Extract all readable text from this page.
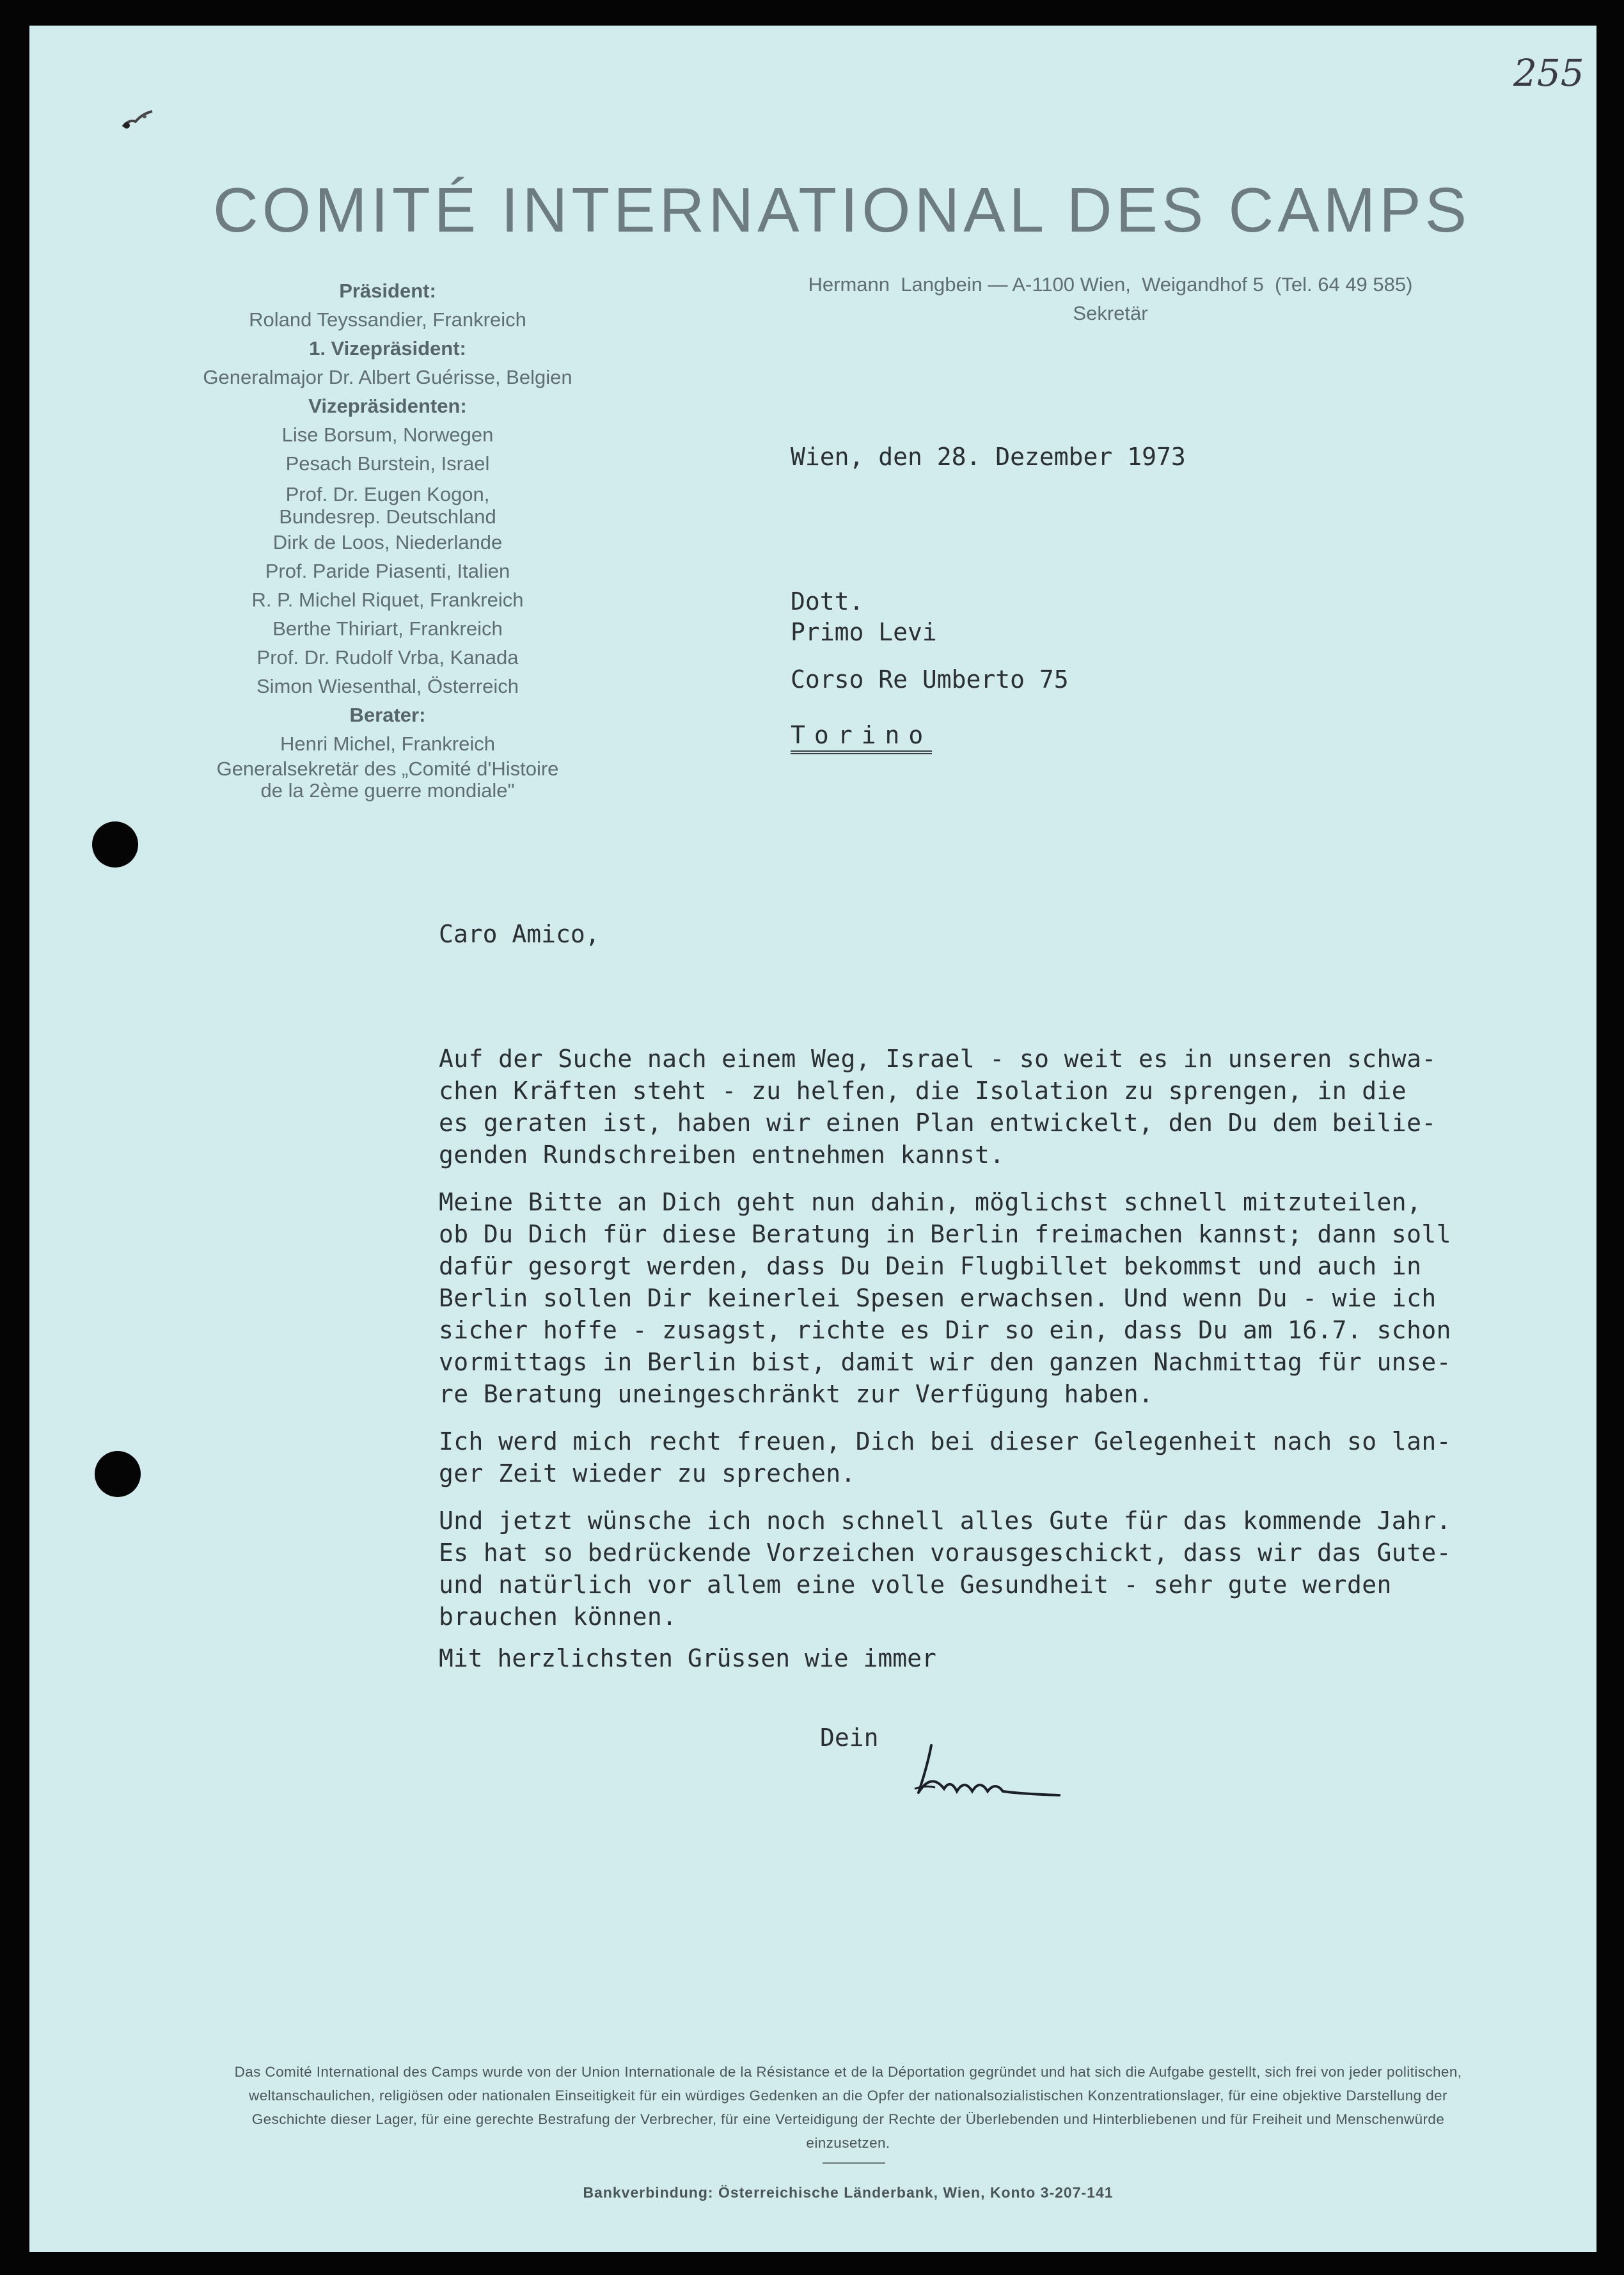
255
COMITÉ INTERNATIONAL DES CAMPS
Präsident:
Roland Teyssandier, Frankreich
1. Vizepräsident:
Generalmajor Dr. Albert Guérisse, Belgien
Vizepräsidenten:
Lise Borsum, Norwegen
Pesach Burstein, Israel
Prof. Dr. Eugen Kogon,
Bundesrep. Deutschland
Dirk de Loos, Niederlande
Prof. Paride Piasenti, Italien
R. P. Michel Riquet, Frankreich
Berthe Thiriart, Frankreich
Prof. Dr. Rudolf Vrba, Kanada
Simon Wiesenthal, Österreich
Berater:
Henri Michel, Frankreich
Generalsekretär des „Comité d'Histoire
de la 2ème guerre mondiale"
Hermann  Langbein — A-1100 Wien,  Weigandhof 5  (Tel. 64 49 585)
Sekretär
Wien, den 28. Dezember 1973
Dott.
Primo Levi
Corso Re Umberto 75
Torino
Caro Amico,

Auf der Suche nach einem Weg, Israel - so weit es in unseren schwa-
chen Kräften steht - zu helfen, die Isolation zu sprengen, in die
es geraten ist, haben wir einen Plan entwickelt, den Du dem beilie-
genden Rundschreiben entnehmen kannst.

Meine Bitte an Dich geht nun dahin, möglichst schnell mitzuteilen,
ob Du Dich für diese Beratung in Berlin freimachen kannst; dann soll
dafür gesorgt werden, dass Du Dein Flugbillet bekommst und auch in
Berlin sollen Dir keinerlei Spesen erwachsen. Und wenn Du - wie ich
sicher hoffe - zusagst, richte es Dir so ein, dass Du am 16.7. schon
vormittags in Berlin bist, damit wir den ganzen Nachmittag für unse-
re Beratung uneingeschränkt zur Verfügung haben.

Ich werd mich recht freuen, Dich bei dieser Gelegenheit nach so lan-
ger Zeit wieder zu sprechen.

Und jetzt wünsche ich noch schnell alles Gute für das kommende Jahr.
Es hat so bedrückende Vorzeichen vorausgeschickt, dass wir das Gute-
und natürlich vor allem eine volle Gesundheit - sehr gute werden
brauchen können.

Mit herzlichsten Grüssen wie immer
Dein
Das Comité International des Camps wurde von der Union Internationale de la Résistance et de la Déportation gegründet und hat sich die Aufgabe gestellt, sich frei von jeder politischen, weltanschaulichen, religiösen oder nationalen Einseitigkeit für ein würdiges Gedenken an die Opfer der nationalsozialistischen Konzentrationslager, für eine objektive Darstellung der Geschichte dieser Lager, für eine gerechte Bestrafung der Verbrecher, für eine Verteidigung der Rechte der Überlebenden und Hinterbliebenen und für Freiheit und Menschenwürde einzusetzen.
Bankverbindung: Österreichische Länderbank, Wien, Konto 3-207-141
